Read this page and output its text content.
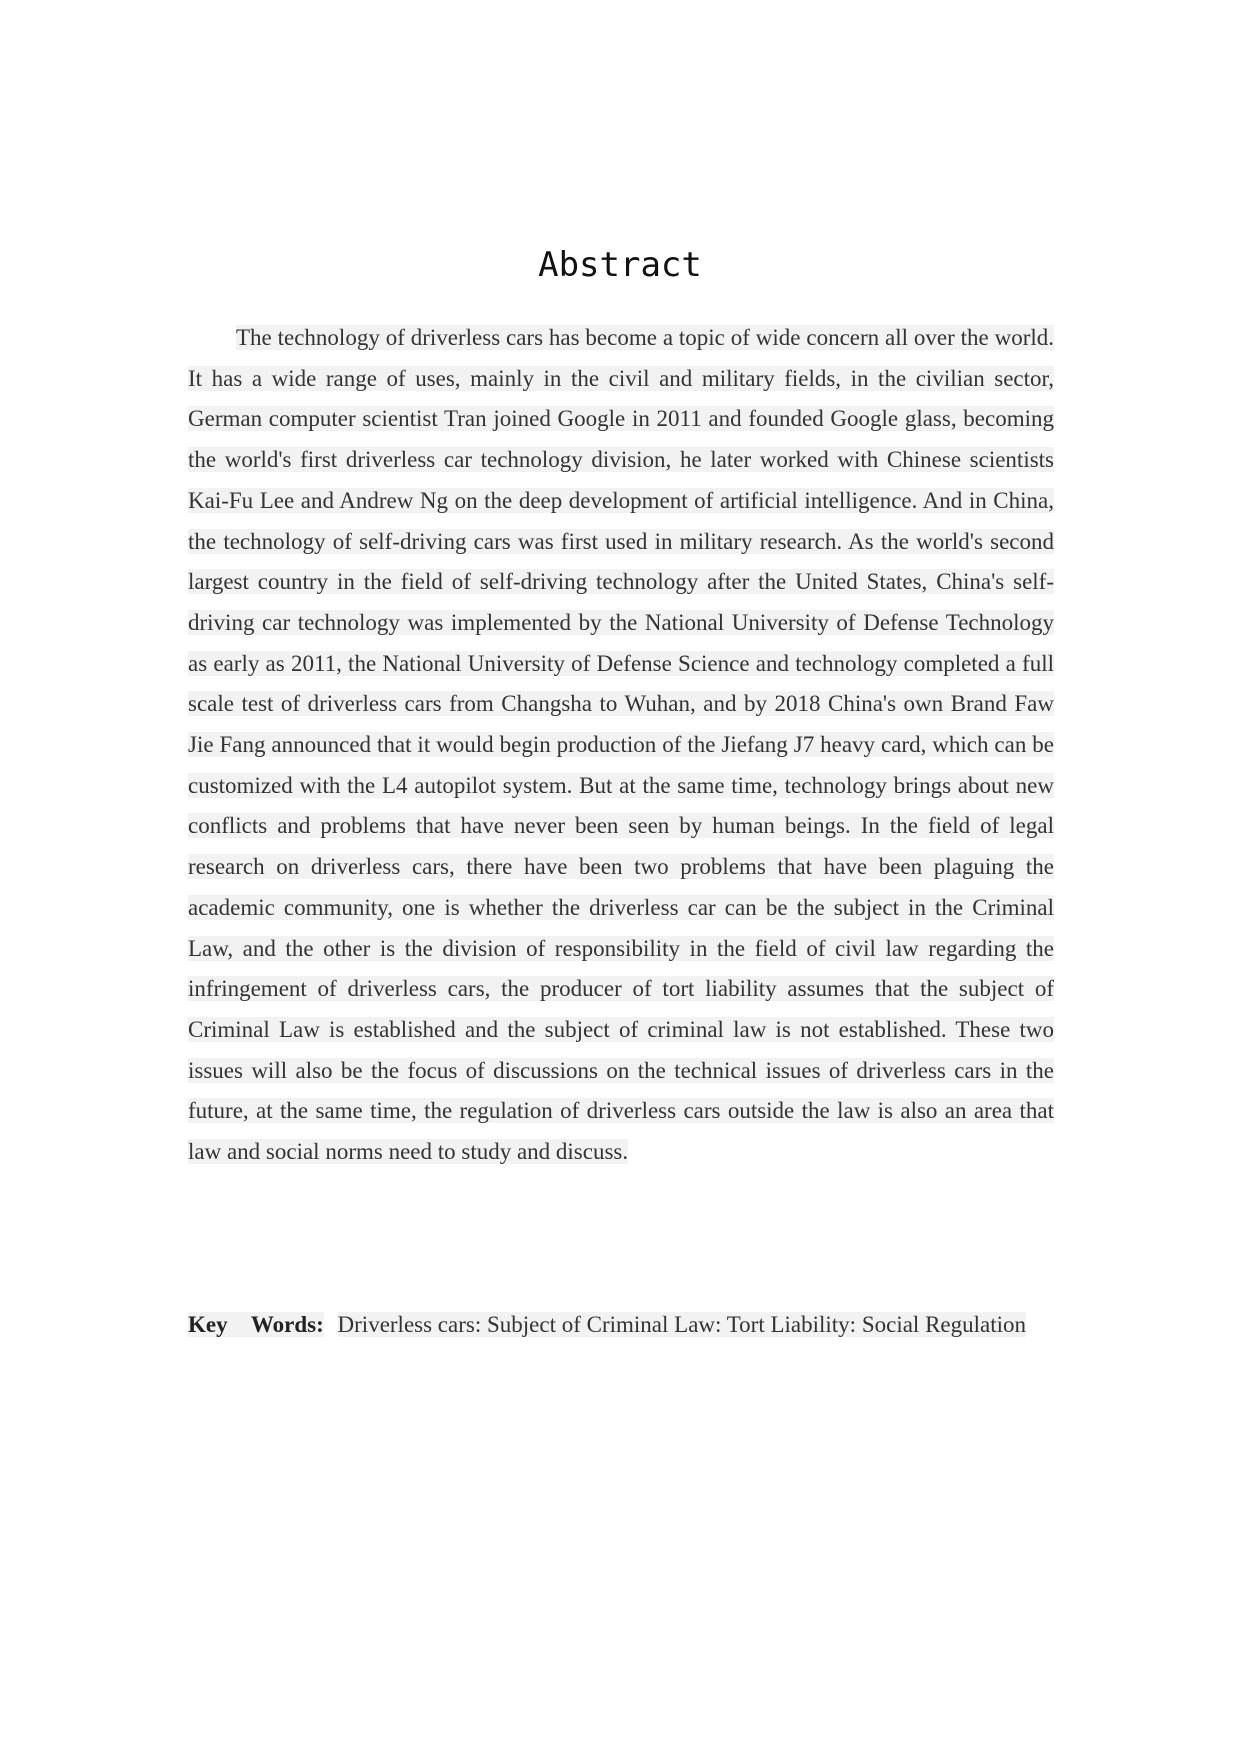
Abstract

The technology of driverless cars has become a topic of wide concern all over the world. It has a wide range of uses, mainly in the civil and military fields, in the civilian sector, German computer scientist Tran joined Google in 2011 and founded Google glass, becoming the world's first driverless car technology division, he later worked with Chinese scientists Kai-Fu Lee and Andrew Ng on the deep development of artificial intelligence. And in China, the technology of self-driving cars was first used in military research. As the world's second largest country in the field of self-driving technology after the United States, China's self-driving car technology was implemented by the National University of Defense Technology as early as 2011, the National University of Defense Science and technology completed a full scale test of driverless cars from Changsha to Wuhan, and by 2018 China's own Brand Faw Jie Fang announced that it would begin production of the Jiefang J7 heavy card, which can be customized with the L4 autopilot system. But at the same time, technology brings about new conflicts and problems that have never been seen by human beings. In the field of legal research on driverless cars, there have been two problems that have been plaguing the academic community, one is whether the driverless car can be the subject in the Criminal Law, and the other is the division of responsibility in the field of civil law regarding the infringement of driverless cars, the producer of tort liability assumes that the subject of Criminal Law is established and the subject of criminal law is not established. These two issues will also be the focus of discussions on the technical issues of driverless cars in the future, at the same time, the regulation of driverless cars outside the law is also an area that law and social norms need to study and discuss.

Key Words: Driverless cars: Subject of Criminal Law: Tort Liability: Social Regulation
